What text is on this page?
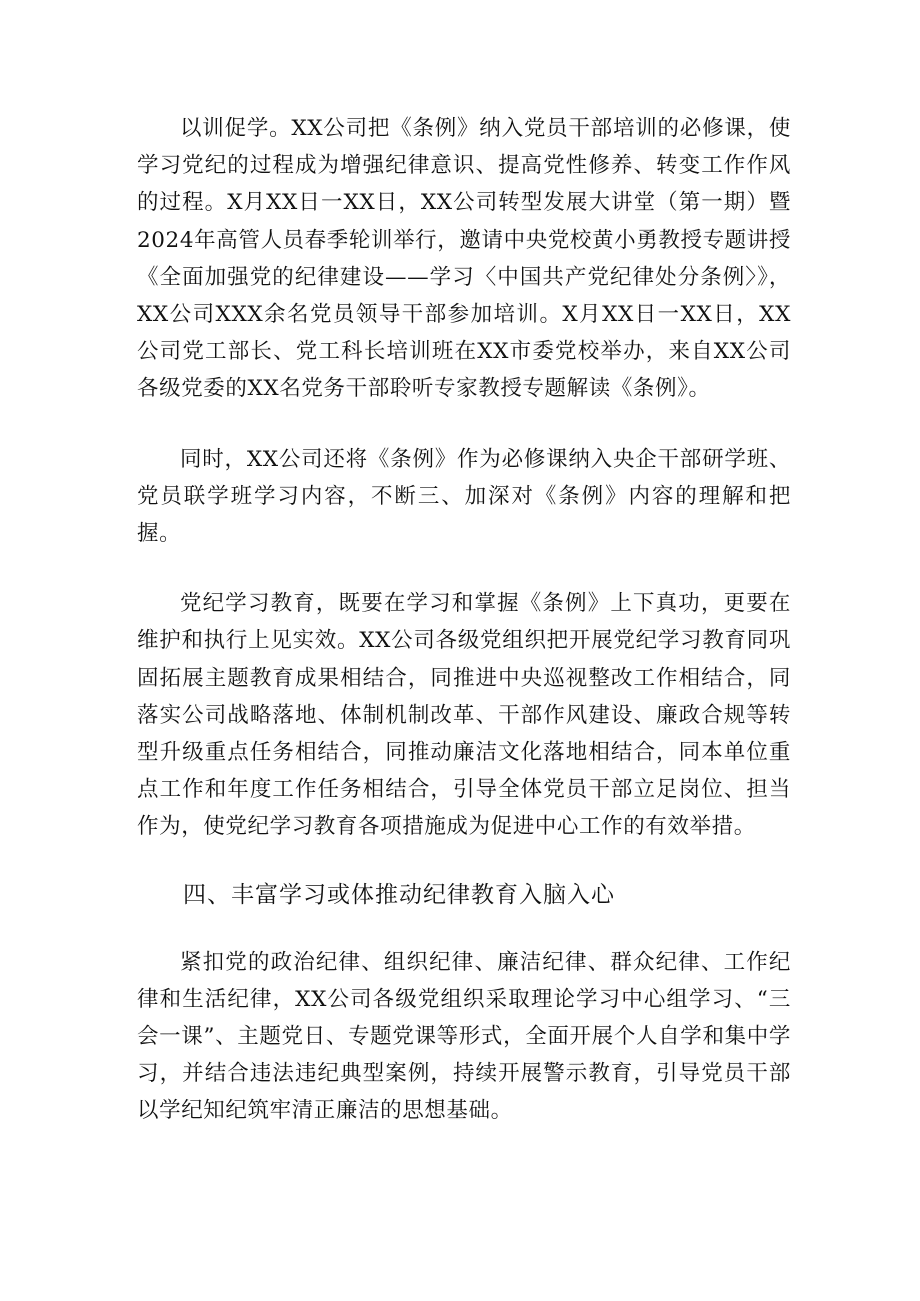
以训促学。XX公司把《条例》纳入党员干部培训的必修课，使学习党纪的过程成为增强纪律意识、提高党性修养、转变工作作风的过程。X月XX日一XX日，XX公司转型发展大讲堂（第一期）暨2024年高管人员春季轮训举行，邀请中央党校黄小勇教授专题讲授《全面加强党的纪律建设——学习〈中国共产党纪律处分条例〉》，XX公司XXX余名党员领导干部参加培训。X月XX日一XX日，XX公司党工部长、党工科长培训班在XX市委党校举办，来自XX公司各级党委的XX名党务干部聆听专家教授专题解读《条例》。

同时，XX公司还将《条例》作为必修课纳入央企干部研学班、党员联学班学习内容，不断三、加深对《条例》内容的理解和把握。

党纪学习教育，既要在学习和掌握《条例》上下真功，更要在维护和执行上见实效。XX公司各级党组织把开展党纪学习教育同巩固拓展主题教育成果相结合，同推进中央巡视整改工作相结合，同落实公司战略落地、体制机制改革、干部作风建设、廉政合规等转型升级重点任务相结合，同推动廉洁文化落地相结合，同本单位重点工作和年度工作任务相结合，引导全体党员干部立足岗位、担当作为，使党纪学习教育各项措施成为促进中心工作的有效举措。

四、丰富学习或体推动纪律教育入脑入心

紧扣党的政治纪律、组织纪律、廉洁纪律、群众纪律、工作纪律和生活纪律，XX公司各级党组织采取理论学习中心组学习、“三会一课”、主题党日、专题党课等形式，全面开展个人自学和集中学习，并结合违法违纪典型案例，持续开展警示教育，引导党员干部以学纪知纪筑牢清正廉洁的思想基础。
